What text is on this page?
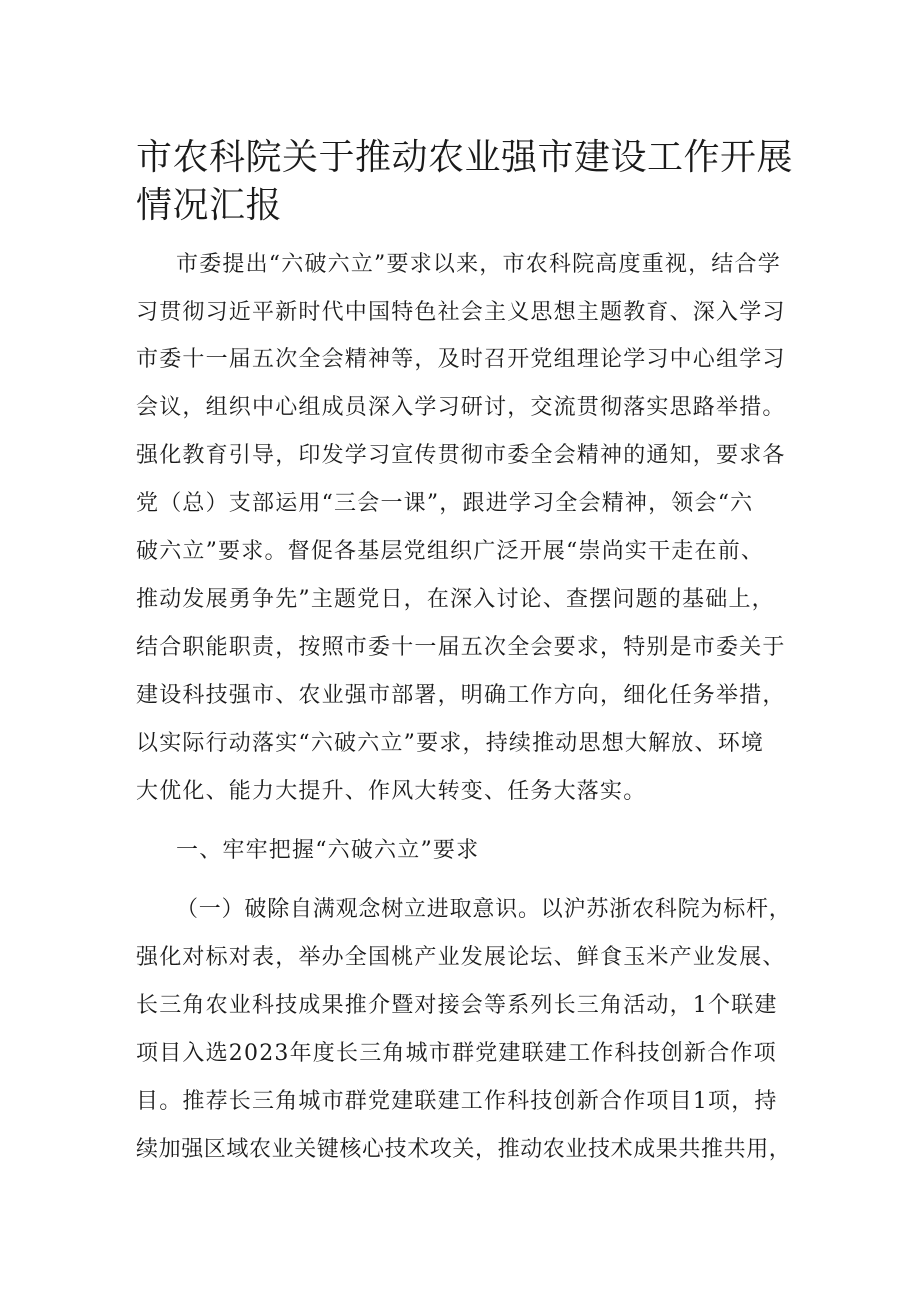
市农科院关于推动农业强市建设工作开展情况汇报
市委提出“六破六立”要求以来，市农科院高度重视，结合学
习贯彻习近平新时代中国特色社会主义思想主题教育、深入学习
市委十一届五次全会精神等，及时召开党组理论学习中心组学习
会议，组织中心组成员深入学习研讨，交流贯彻落实思路举措。
强化教育引导，印发学习宣传贯彻市委全会精神的通知，要求各
党（总）支部运用“三会一课”，跟进学习全会精神，领会“六
破六立”要求。督促各基层党组织广泛开展“崇尚实干走在前、
推动发展勇争先”主题党日，在深入讨论、查摆问题的基础上，
结合职能职责，按照市委十一届五次全会要求，特别是市委关于
建设科技强市、农业强市部署，明确工作方向，细化任务举措，
以实际行动落实“六破六立”要求，持续推动思想大解放、环境
大优化、能力大提升、作风大转变、任务大落实。
一、牢牢把握“六破六立”要求
（一）破除自满观念树立进取意识。以沪苏浙农科院为标杆，
强化对标对表，举办全国桃产业发展论坛、鲜食玉米产业发展、
长三角农业科技成果推介暨对接会等系列长三角活动，1个联建
项目入选2023年度长三角城市群党建联建工作科技创新合作项
目。推荐长三角城市群党建联建工作科技创新合作项目1项，持
续加强区域农业关键核心技术攻关，推动农业技术成果共推共用，
